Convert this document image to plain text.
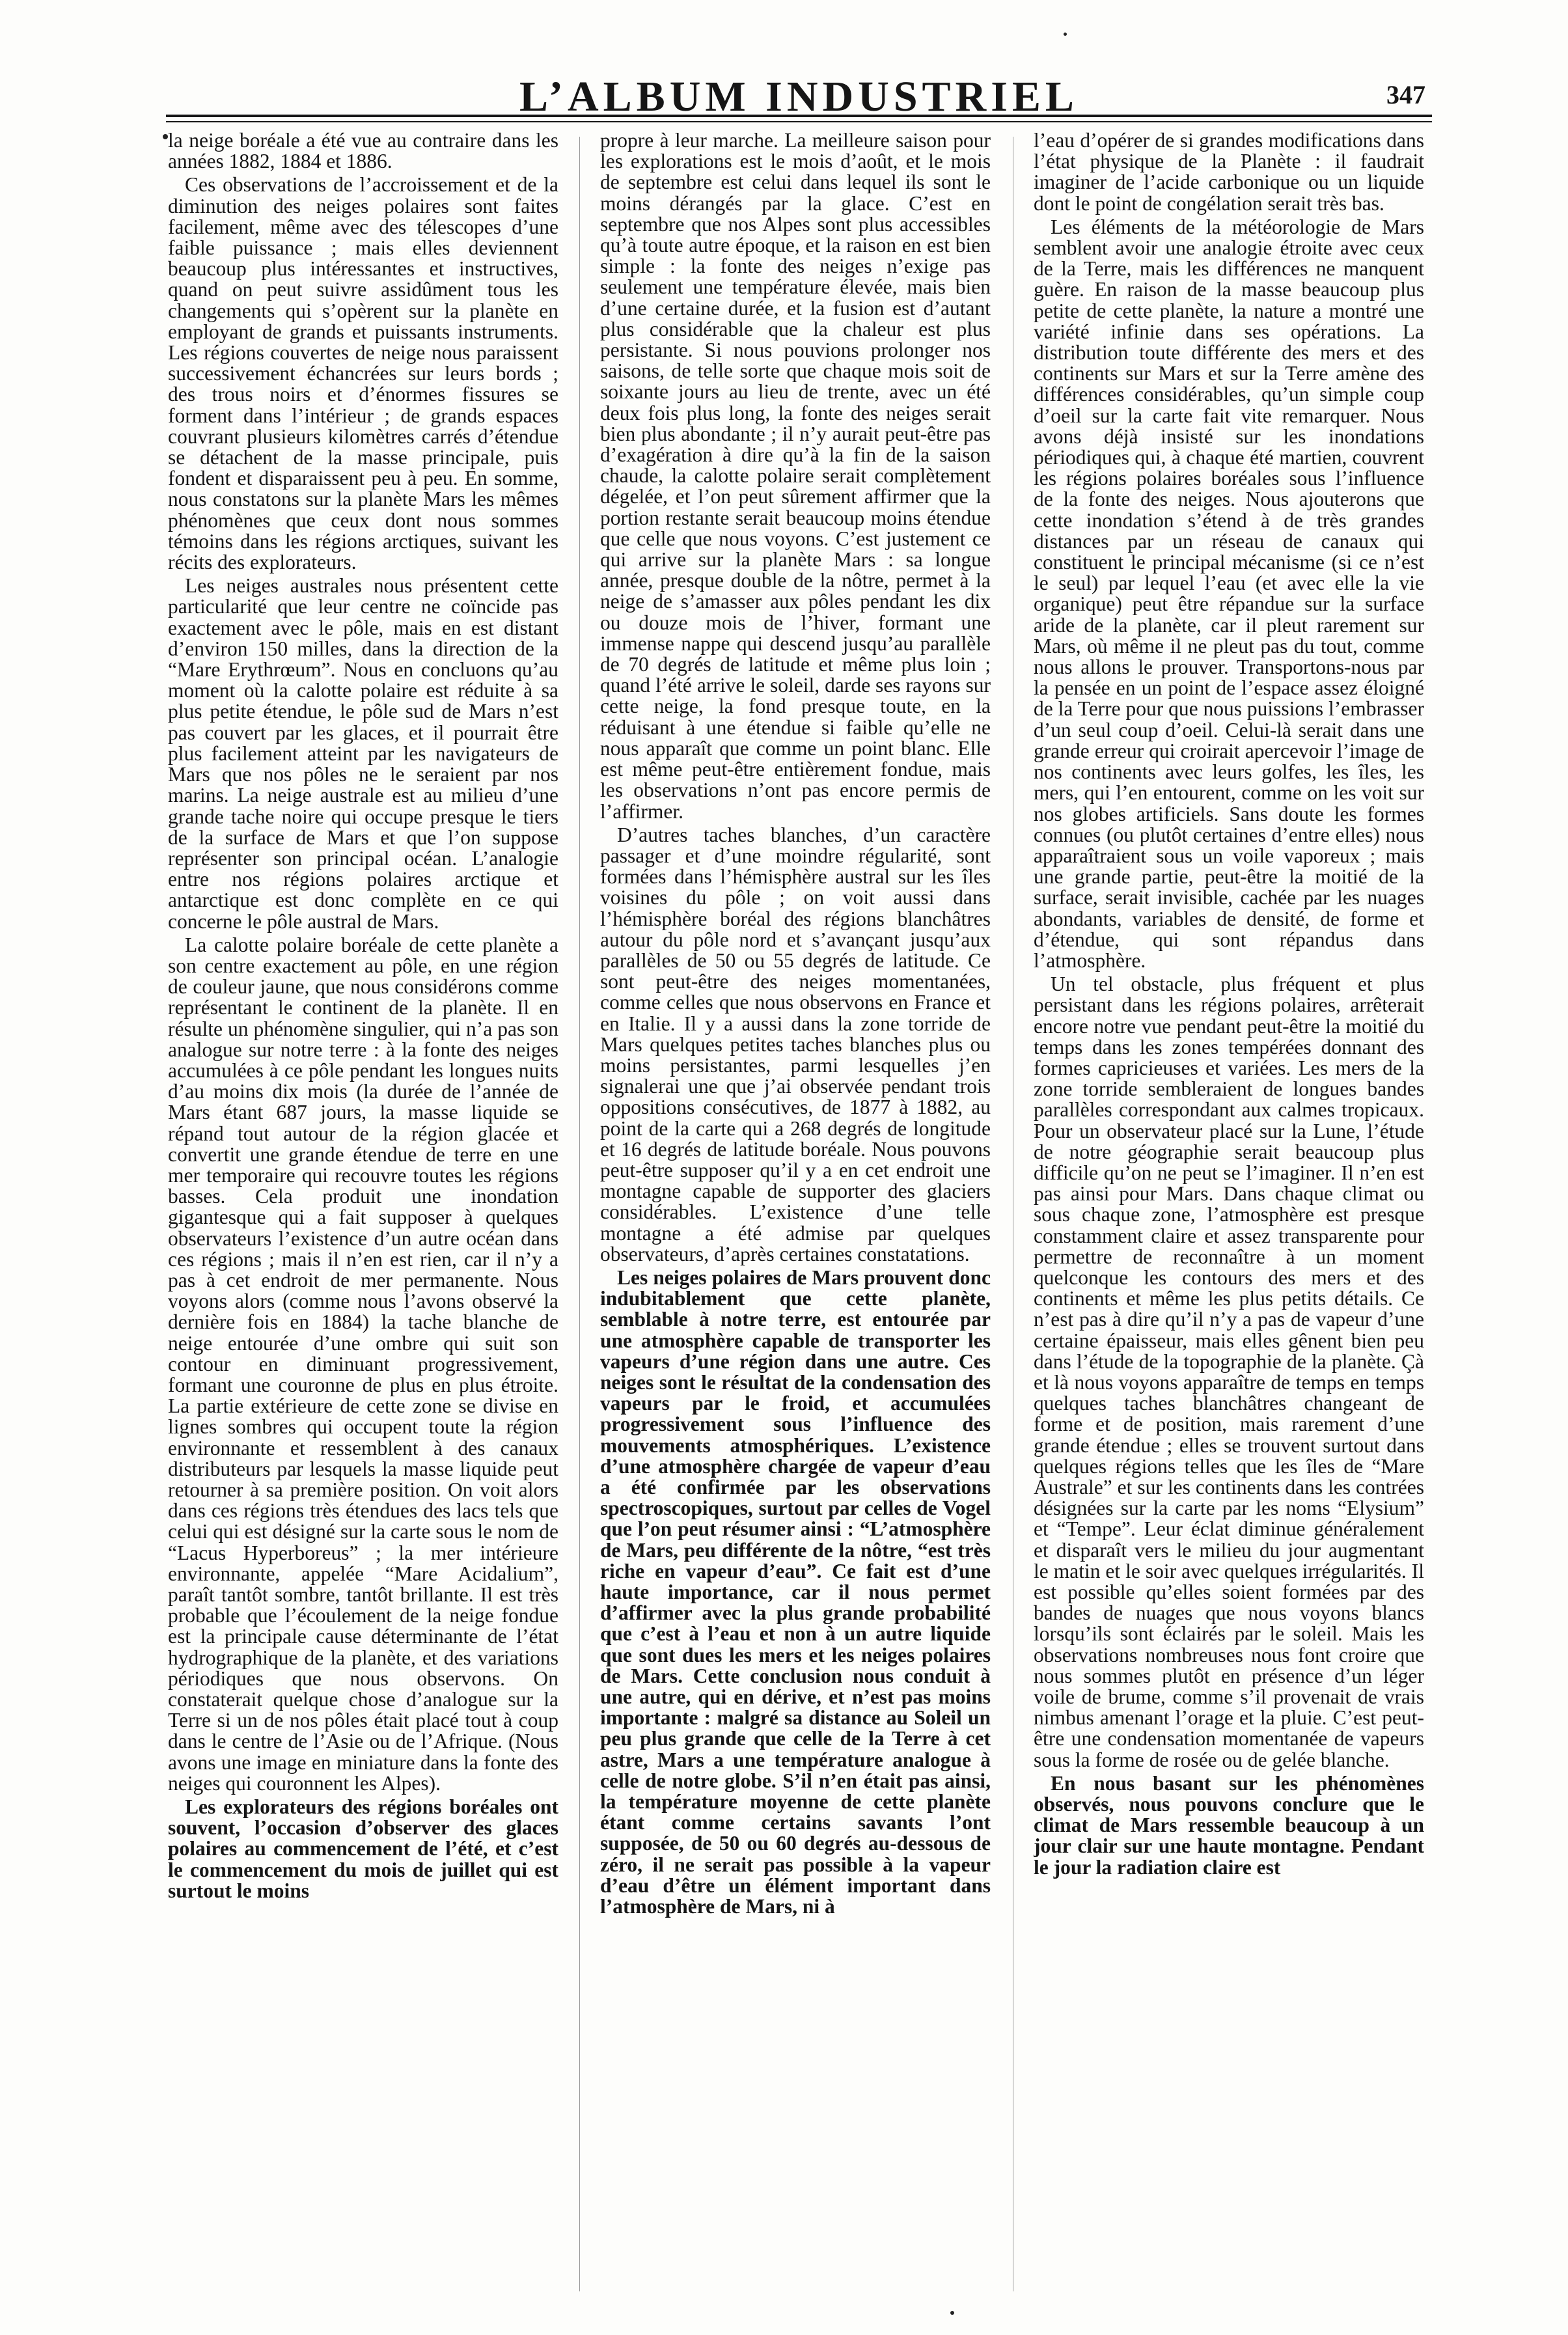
L’ALBUM INDUSTRIEL	347

la neige boréale a été vue au contraire dans les années 1882, 1884 et 1886.

Ces observations de l’accroissement et de la diminution des neiges polaires sont faites facilement, même avec des télescopes d’une faible puissance ; mais elles deviennent beaucoup plus intéressantes et instructives, quand on peut suivre assidûment tous les changements qui s’opèrent sur la planète en employant de grands et puissants instruments. Les régions couvertes de neige nous paraissent successivement échancrées sur leurs bords ; des trous noirs et d’énormes fissures se forment dans l’intérieur ; de grands espaces couvrant plusieurs kilomètres carrés d’étendue se détachent de la masse principale, puis fondent et disparaissent peu à peu. En somme, nous constatons sur la planète Mars les mêmes phénomènes que ceux dont nous sommes témoins dans les régions arctiques, suivant les récits des explorateurs.

Les neiges australes nous présentent cette particularité que leur centre ne coïncide pas exactement avec le pôle, mais en est distant d’environ 150 milles, dans la direction de la “Mare Erythrœum”. Nous en concluons qu’au moment où la calotte polaire est réduite à sa plus petite étendue, le pôle sud de Mars n’est pas couvert par les glaces, et il pourrait être plus facilement atteint par les navigateurs de Mars que nos pôles ne le seraient par nos marins. La neige australe est au milieu d’une grande tache noire qui occupe presque le tiers de la surface de Mars et que l’on suppose représenter son principal océan. L’analogie entre nos régions polaires arctique et antarctique est donc complète en ce qui concerne le pôle austral de Mars.

La calotte polaire boréale de cette planète a son centre exactement au pôle, en une région de couleur jaune, que nous considérons comme représentant le continent de la planète. Il en résulte un phénomène singulier, qui n’a pas son analogue sur notre terre : à la fonte des neiges accumulées à ce pôle pendant les longues nuits d’au moins dix mois (la durée de l’année de Mars étant 687 jours, la masse liquide se répand tout autour de la région glacée et convertit une grande étendue de terre en une mer temporaire qui recouvre toutes les régions basses. Cela produit une inondation gigantesque qui a fait supposer à quelques observateurs l’existence d’un autre océan dans ces régions ; mais il n’en est rien, car il n’y a pas à cet endroit de mer permanente. Nous voyons alors (comme nous l’avons observé la dernière fois en 1884) la tache blanche de neige entourée d’une ombre qui suit son contour en diminuant progressivement, formant une couronne de plus en plus étroite. La partie extérieure de cette zone se divise en lignes sombres qui occupent toute la région environnante et ressemblent à des canaux distributeurs par lesquels la masse liquide peut retourner à sa première position. On voit alors dans ces régions très étendues des lacs tels que celui qui est désigné sur la carte sous le nom de “Lacus Hyperboreus” ; la mer intérieure environnante, appelée “Mare Acidalium”, paraît tantôt sombre, tantôt brillante. Il est très probable que l’écoulement de la neige fondue est la principale cause déterminante de l’état hydrographique de la planète, et des variations périodiques que nous observons. On constaterait quelque chose d’analogue sur la Terre si un de nos pôles était placé tout à coup dans le centre de l’Asie ou de l’Afrique. (Nous avons une image en miniature dans la fonte des neiges qui couronnent les Alpes).

Les explorateurs des régions boréales ont souvent, l’occasion d’observer des glaces polaires au commencement de l’été, et c’est le commencement du mois de juillet qui est surtout le moins

propre à leur marche. La meilleure saison pour les explorations est le mois d’août, et le mois de septembre est celui dans lequel ils sont le moins dérangés par la glace. C’est en septembre que nos Alpes sont plus accessibles qu’à toute autre époque, et la raison en est bien simple : la fonte des neiges n’exige pas seulement une température élevée, mais bien d’une certaine durée, et la fusion est d’autant plus considérable que la chaleur est plus persistante. Si nous pouvions prolonger nos saisons, de telle sorte que chaque mois soit de soixante jours au lieu de trente, avec un été deux fois plus long, la fonte des neiges serait bien plus abondante ; il n’y aurait peut-être pas d’exagération à dire qu’à la fin de la saison chaude, la calotte polaire serait complètement dégelée, et l’on peut sûrement affirmer que la portion restante serait beaucoup moins étendue que celle que nous voyons. C’est justement ce qui arrive sur la planète Mars : sa longue année, presque double de la nôtre, permet à la neige de s’amasser aux pôles pendant les dix ou douze mois de l’hiver, formant une immense nappe qui descend jusqu’au parallèle de 70 degrés de latitude et même plus loin ; quand l’été arrive le soleil, darde ses rayons sur cette neige, la fond presque toute, en la réduisant à une étendue si faible qu’elle ne nous apparaît que comme un point blanc. Elle est même peut-être entièrement fondue, mais les observations n’ont pas encore permis de l’affirmer.

D’autres taches blanches, d’un caractère passager et d’une moindre régularité, sont formées dans l’hémisphère austral sur les îles voisines du pôle ; on voit aussi dans l’hémisphère boréal des régions blanchâtres autour du pôle nord et s’avançant jusqu’aux parallèles de 50 ou 55 degrés de latitude. Ce sont peut-être des neiges momentanées, comme celles que nous observons en France et en Italie. Il y a aussi dans la zone torride de Mars quelques petites taches blanches plus ou moins persistantes, parmi lesquelles j’en signalerai une que j’ai observée pendant trois oppositions consécutives, de 1877 à 1882, au point de la carte qui a 268 degrés de longitude et 16 degrés de latitude boréale. Nous pouvons peut-être supposer qu’il y a en cet endroit une montagne capable de supporter des glaciers considérables. L’existence d’une telle montagne a été admise par quelques observateurs, d’après certaines constatations.

Les neiges polaires de Mars prouvent donc indubitablement que cette planète, semblable à notre terre, est entourée par une atmosphère capable de transporter les vapeurs d’une région dans une autre. Ces neiges sont le résultat de la condensation des vapeurs par le froid, et accumulées progressivement sous l’influence des mouvements atmosphériques. L’existence d’une atmosphère chargée de vapeur d’eau a été confirmée par les observations spectroscopiques, surtout par celles de Vogel que l’on peut résumer ainsi : “L’atmosphère de Mars, peu différente de la nôtre, “est très riche en vapeur d’eau”. Ce fait est d’une haute importance, car il nous permet d’affirmer avec la plus grande probabilité que c’est à l’eau et non à un autre liquide que sont dues les mers et les neiges polaires de Mars. Cette conclusion nous conduit à une autre, qui en dérive, et n’est pas moins importante : malgré sa distance au Soleil un peu plus grande que celle de la Terre à cet astre, Mars a une température analogue à celle de notre globe. S’il n’en était pas ainsi, la température moyenne de cette planète étant comme certains savants l’ont supposée, de 50 ou 60 degrés au-dessous de zéro, il ne serait pas possible à la vapeur d’eau d’être un élément important dans l’atmosphère de Mars, ni à

l’eau d’opérer de si grandes modifications dans l’état physique de la Planète : il faudrait imaginer de l’acide carbonique ou un liquide dont le point de congélation serait très bas.

Les éléments de la météorologie de Mars semblent avoir une analogie étroite avec ceux de la Terre, mais les différences ne manquent guère. En raison de la masse beaucoup plus petite de cette planète, la nature a montré une variété infinie dans ses opérations. La distribution toute différente des mers et des continents sur Mars et sur la Terre amène des différences considérables, qu’un simple coup d’oeil sur la carte fait vite remarquer. Nous avons déjà insisté sur les inondations périodiques qui, à chaque été martien, couvrent les régions polaires boréales sous l’influence de la fonte des neiges. Nous ajouterons que cette inondation s’étend à de très grandes distances par un réseau de canaux qui constituent le principal mécanisme (si ce n’est le seul) par lequel l’eau (et avec elle la vie organique) peut être répandue sur la surface aride de la planète, car il pleut rarement sur Mars, où même il ne pleut pas du tout, comme nous allons le prouver. Transportons-nous par la pensée en un point de l’espace assez éloigné de la Terre pour que nous puissions l’embrasser d’un seul coup d’oeil. Celui-là serait dans une grande erreur qui croirait apercevoir l’image de nos continents avec leurs golfes, les îles, les mers, qui l’en entourent, comme on les voit sur nos globes artificiels. Sans doute les formes connues (ou plutôt certaines d’entre elles) nous apparaîtraient sous un voile vaporeux ; mais une grande partie, peut-être la moitié de la surface, serait invisible, cachée par les nuages abondants, variables de densité, de forme et d’étendue, qui sont répandus dans l’atmosphère.

Un tel obstacle, plus fréquent et plus persistant dans les régions polaires, arrêterait encore notre vue pendant peut-être la moitié du temps dans les zones tempérées donnant des formes capricieuses et variées. Les mers de la zone torride sembleraient de longues bandes parallèles correspondant aux calmes tropicaux. Pour un observateur placé sur la Lune, l’étude de notre géographie serait beaucoup plus difficile qu’on ne peut se l’imaginer. Il n’en est pas ainsi pour Mars. Dans chaque climat ou sous chaque zone, l’atmosphère est presque constamment claire et assez transparente pour permettre de reconnaître à un moment quelconque les contours des mers et des continents et même les plus petits détails. Ce n’est pas à dire qu’il n’y a pas de vapeur d’une certaine épaisseur, mais elles gênent bien peu dans l’étude de la topographie de la planète. Çà et là nous voyons apparaître de temps en temps quelques taches blanchâtres changeant de forme et de position, mais rarement d’une grande étendue ; elles se trouvent surtout dans quelques régions telles que les îles de “Mare Australe” et sur les continents dans les contrées désignées sur la carte par les noms “Elysium” et “Tempe”. Leur éclat diminue généralement et disparaît vers le milieu du jour augmentant le matin et le soir avec quelques irrégularités. Il est possible qu’elles soient formées par des bandes de nuages que nous voyons blancs lorsqu’ils sont éclairés par le soleil. Mais les observations nombreuses nous font croire que nous sommes plutôt en présence d’un léger voile de brume, comme s’il provenait de vrais nimbus amenant l’orage et la pluie. C’est peut-être une condensation momentanée de vapeurs sous la forme de rosée ou de gelée blanche.

En nous basant sur les phénomènes observés, nous pouvons conclure que le climat de Mars ressemble beaucoup à un jour clair sur une haute montagne. Pendant le jour la radiation claire est
